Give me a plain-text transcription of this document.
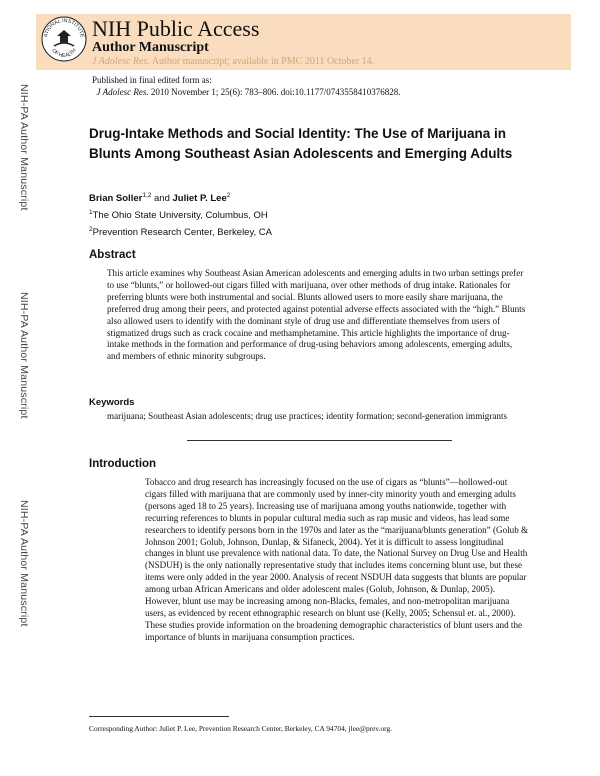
ATIONAL INSTITUTE
OF HEALTH
NIH Public Access
Author Manuscript
J Adolesc Res. Author manuscript; available in PMC 2011 October 14.
Published in final edited form as:
J Adolesc Res. 2010 November 1; 25(6): 783–806. doi:10.1177/0743558410376828.
NIH-PA Author Manuscript
NIH-PA Author Manuscript
NIH-PA Author Manuscript
Drug-Intake Methods and Social Identity: The Use of Marijuana in Blunts Among Southeast Asian Adolescents and Emerging Adults
Brian Soller$^{1,2}$ and Juliet P. Lee$^2$
$^1$The Ohio State University, Columbus, OH
$^2$Prevention Research Center, Berkeley, CA
Abstract
This article examines why Southeast Asian American adolescents and emerging adults in two urban settings prefer to use “blunts,” or hollowed-out cigars filled with marijuana, over other methods of drug intake. Rationales for preferring blunts were both instrumental and social. Blunts allowed users to more easily share marijuana, the preferred drug among their peers, and protected against potential adverse effects associated with the “high.” Blunts also allowed users to identify with the dominant style of drug use and differentiate themselves from users of stigmatized drugs such as crack cocaine and methamphetamine. This article highlights the importance of drug-intake methods in the formation and performance of drug-using behaviors among adolescents, emerging adults, and members of ethnic minority subgroups.
Keywords
marijuana; Southeast Asian adolescents; drug use practices; identity formation; second-generation immigrants
Introduction
Tobacco and drug research has increasingly focused on the use of cigars as “blunts”—hollowed-out cigars filled with marijuana that are commonly used by inner-city minority youth and emerging adults (persons aged 18 to 25 years). Increasing use of marijuana among youths nationwide, together with recurring references to blunts in popular cultural media such as rap music and videos, has lead some researchers to identify persons born in the 1970s and later as the “marijuana/blunts generation” (Golub & Johnson 2001; Golub, Johnson, Dunlap, & Sifaneck, 2004). Yet it is difficult to assess longitudinal changes in blunt use prevalence with national data. To date, the National Survey on Drug Use and Health (NSDUH) is the only nationally representative study that includes items concerning blunt use, but these items were only added in the year 2000. Analysis of recent NSDUH data suggests that blunts are popular among urban African Americans and older adolescent males (Golub, Johnson, & Dunlap, 2005). However, blunt use may be increasing among non-Blacks, females, and non-metropolitan marijuana users, as evidenced by recent ethnographic research on blunt use (Kelly, 2005; Schensul et. al., 2000). These studies provide information on the broadening demographic characteristics of blunt users and the importance of blunts in marijuana consumption practices.
Corresponding Author: Juliet P. Lee, Prevention Research Center, Berkeley, CA 94704, jlee@prev.org.
